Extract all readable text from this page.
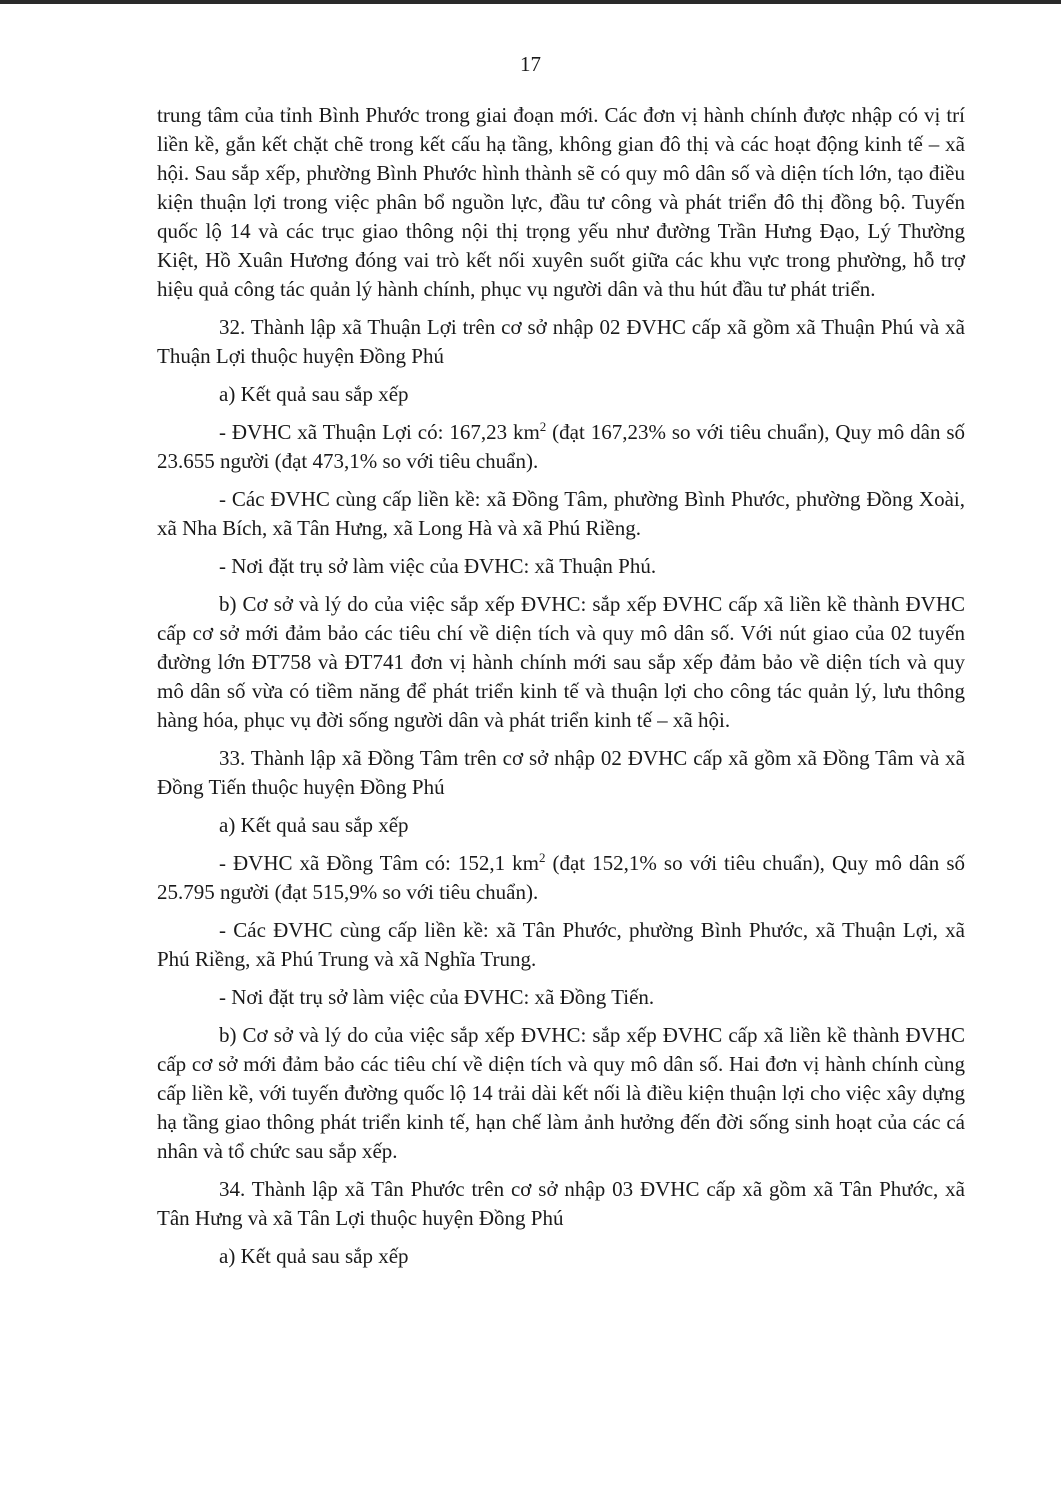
17

trung tâm của tỉnh Bình Phước trong giai đoạn mới. Các đơn vị hành chính được nhập có vị trí liền kề, gắn kết chặt chẽ trong kết cấu hạ tầng, không gian đô thị và các hoạt động kinh tế – xã hội. Sau sắp xếp, phường Bình Phước hình thành sẽ có quy mô dân số và diện tích lớn, tạo điều kiện thuận lợi trong việc phân bổ nguồn lực, đầu tư công và phát triển đô thị đồng bộ. Tuyến quốc lộ 14 và các trục giao thông nội thị trọng yếu như đường Trần Hưng Đạo, Lý Thường Kiệt, Hồ Xuân Hương đóng vai trò kết nối xuyên suốt giữa các khu vực trong phường, hỗ trợ hiệu quả công tác quản lý hành chính, phục vụ người dân và thu hút đầu tư phát triển.

32. Thành lập xã Thuận Lợi trên cơ sở nhập 02 ĐVHC cấp xã gồm xã Thuận Phú và xã Thuận Lợi thuộc huyện Đồng Phú

a) Kết quả sau sắp xếp

- ĐVHC xã Thuận Lợi có: 167,23 $km^2$ (đạt 167,23% so với tiêu chuẩn), Quy mô dân số 23.655 người (đạt 473,1% so với tiêu chuẩn).

- Các ĐVHC cùng cấp liền kề: xã Đồng Tâm, phường Bình Phước, phường Đồng Xoài, xã Nha Bích, xã Tân Hưng, xã Long Hà và xã Phú Riềng.

- Nơi đặt trụ sở làm việc của ĐVHC: xã Thuận Phú.

b) Cơ sở và lý do của việc sắp xếp ĐVHC: sắp xếp ĐVHC cấp xã liền kề thành ĐVHC cấp cơ sở mới đảm bảo các tiêu chí về diện tích và quy mô dân số. Với nút giao của 02 tuyến đường lớn ĐT758 và ĐT741 đơn vị hành chính mới sau sắp xếp đảm bảo về diện tích và quy mô dân số vừa có tiềm năng để phát triển kinh tế và thuận lợi cho công tác quản lý, lưu thông hàng hóa, phục vụ đời sống người dân và phát triển kinh tế – xã hội.

33. Thành lập xã Đồng Tâm trên cơ sở nhập 02 ĐVHC cấp xã gồm xã Đồng Tâm và xã Đồng Tiến thuộc huyện Đồng Phú

a) Kết quả sau sắp xếp

- ĐVHC xã Đồng Tâm có: 152,1 $km^2$ (đạt 152,1% so với tiêu chuẩn), Quy mô dân số 25.795 người (đạt 515,9% so với tiêu chuẩn).

- Các ĐVHC cùng cấp liền kề: xã Tân Phước, phường Bình Phước, xã Thuận Lợi, xã Phú Riềng, xã Phú Trung và xã Nghĩa Trung.

- Nơi đặt trụ sở làm việc của ĐVHC: xã Đồng Tiến.

b) Cơ sở và lý do của việc sắp xếp ĐVHC: sắp xếp ĐVHC cấp xã liền kề thành ĐVHC cấp cơ sở mới đảm bảo các tiêu chí về diện tích và quy mô dân số. Hai đơn vị hành chính cùng cấp liền kề, với tuyến đường quốc lộ 14 trải dài kết nối là điều kiện thuận lợi cho việc xây dựng hạ tầng giao thông phát triển kinh tế, hạn chế làm ảnh hưởng đến đời sống sinh hoạt của các cá nhân và tổ chức sau sắp xếp.

34. Thành lập xã Tân Phước trên cơ sở nhập 03 ĐVHC cấp xã gồm xã Tân Phước, xã Tân Hưng và xã Tân Lợi thuộc huyện Đồng Phú

a) Kết quả sau sắp xếp
